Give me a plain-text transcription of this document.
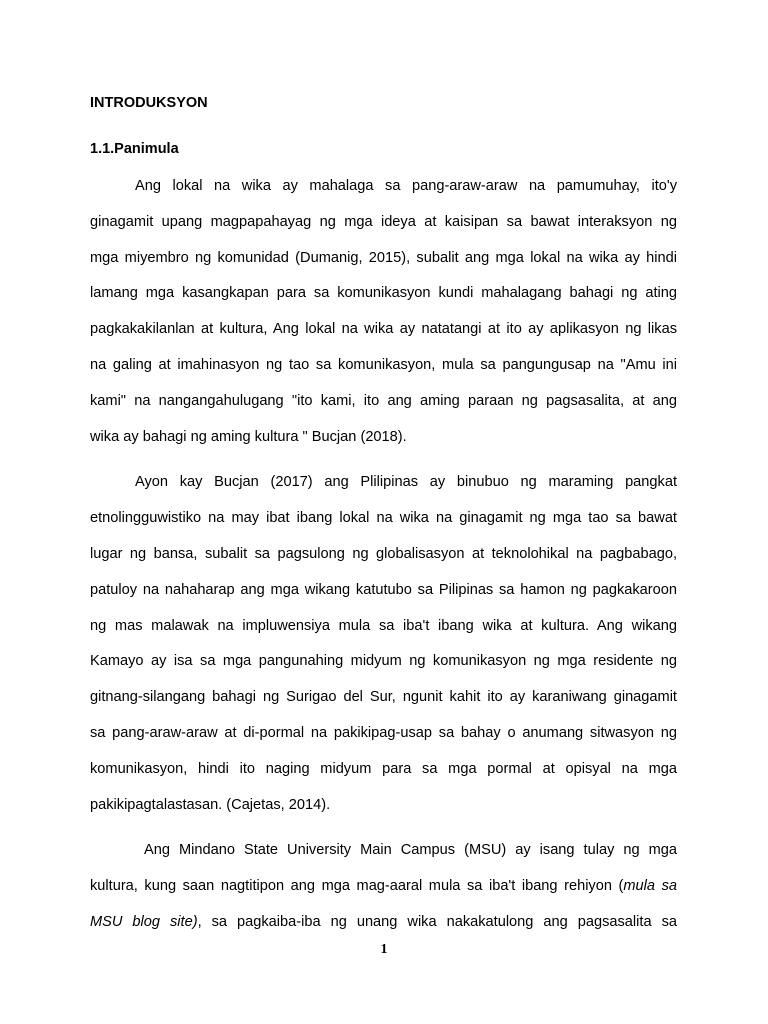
INTRODUKSYON

1.1.Panimula

Ang lokal na wika ay mahalaga sa pang-araw-araw na pamumuhay, ito'y
ginagamit upang magpapahayag ng mga ideya at kaisipan sa bawat interaksyon ng
mga miyembro ng komunidad (Dumanig, 2015), subalit ang mga lokal na wika ay hindi
lamang mga kasangkapan para sa komunikasyon kundi mahalagang bahagi ng ating
pagkakakilanlan at kultura, Ang lokal na wika ay natatangi at ito ay aplikasyon ng likas
na galing at imahinasyon ng tao sa komunikasyon, mula sa pangungusap na "Amu ini
kami" na nangangahulugang "ito kami, ito ang aming paraan ng pagsasalita, at ang
wika ay bahagi ng aming kultura " Bucjan (2018).
Ayon kay Bucjan (2017) ang Plilipinas ay binubuo ng maraming pangkat
etnolingguwistiko na may ibat ibang lokal na wika na ginagamit ng mga tao sa bawat
lugar ng bansa, subalit sa pagsulong ng globalisasyon at teknolohikal na pagbabago,
patuloy na nahaharap ang mga wikang katutubo sa Pilipinas sa hamon ng pagkakaroon
ng mas malawak na impluwensiya mula sa iba't ibang wika at kultura. Ang wikang
Kamayo ay isa sa mga pangunahing midyum ng komunikasyon ng mga residente ng
gitnang-silangang bahagi ng Surigao del Sur, ngunit kahit ito ay karaniwang ginagamit
sa pang-araw-araw at di-pormal na pakikipag-usap sa bahay o anumang sitwasyon ng
komunikasyon, hindi ito naging midyum para sa mga pormal at opisyal na mga
pakikipagtalastasan. (Cajetas, 2014).
Ang Mindano State University Main Campus (MSU) ay isang tulay ng mga
kultura, kung saan nagtitipon ang mga mag-aaral mula sa iba't ibang rehiyon (mula sa
MSU blog site), sa pagkaiba-iba ng unang wika nakakatulong ang pagsasalita sa
1
